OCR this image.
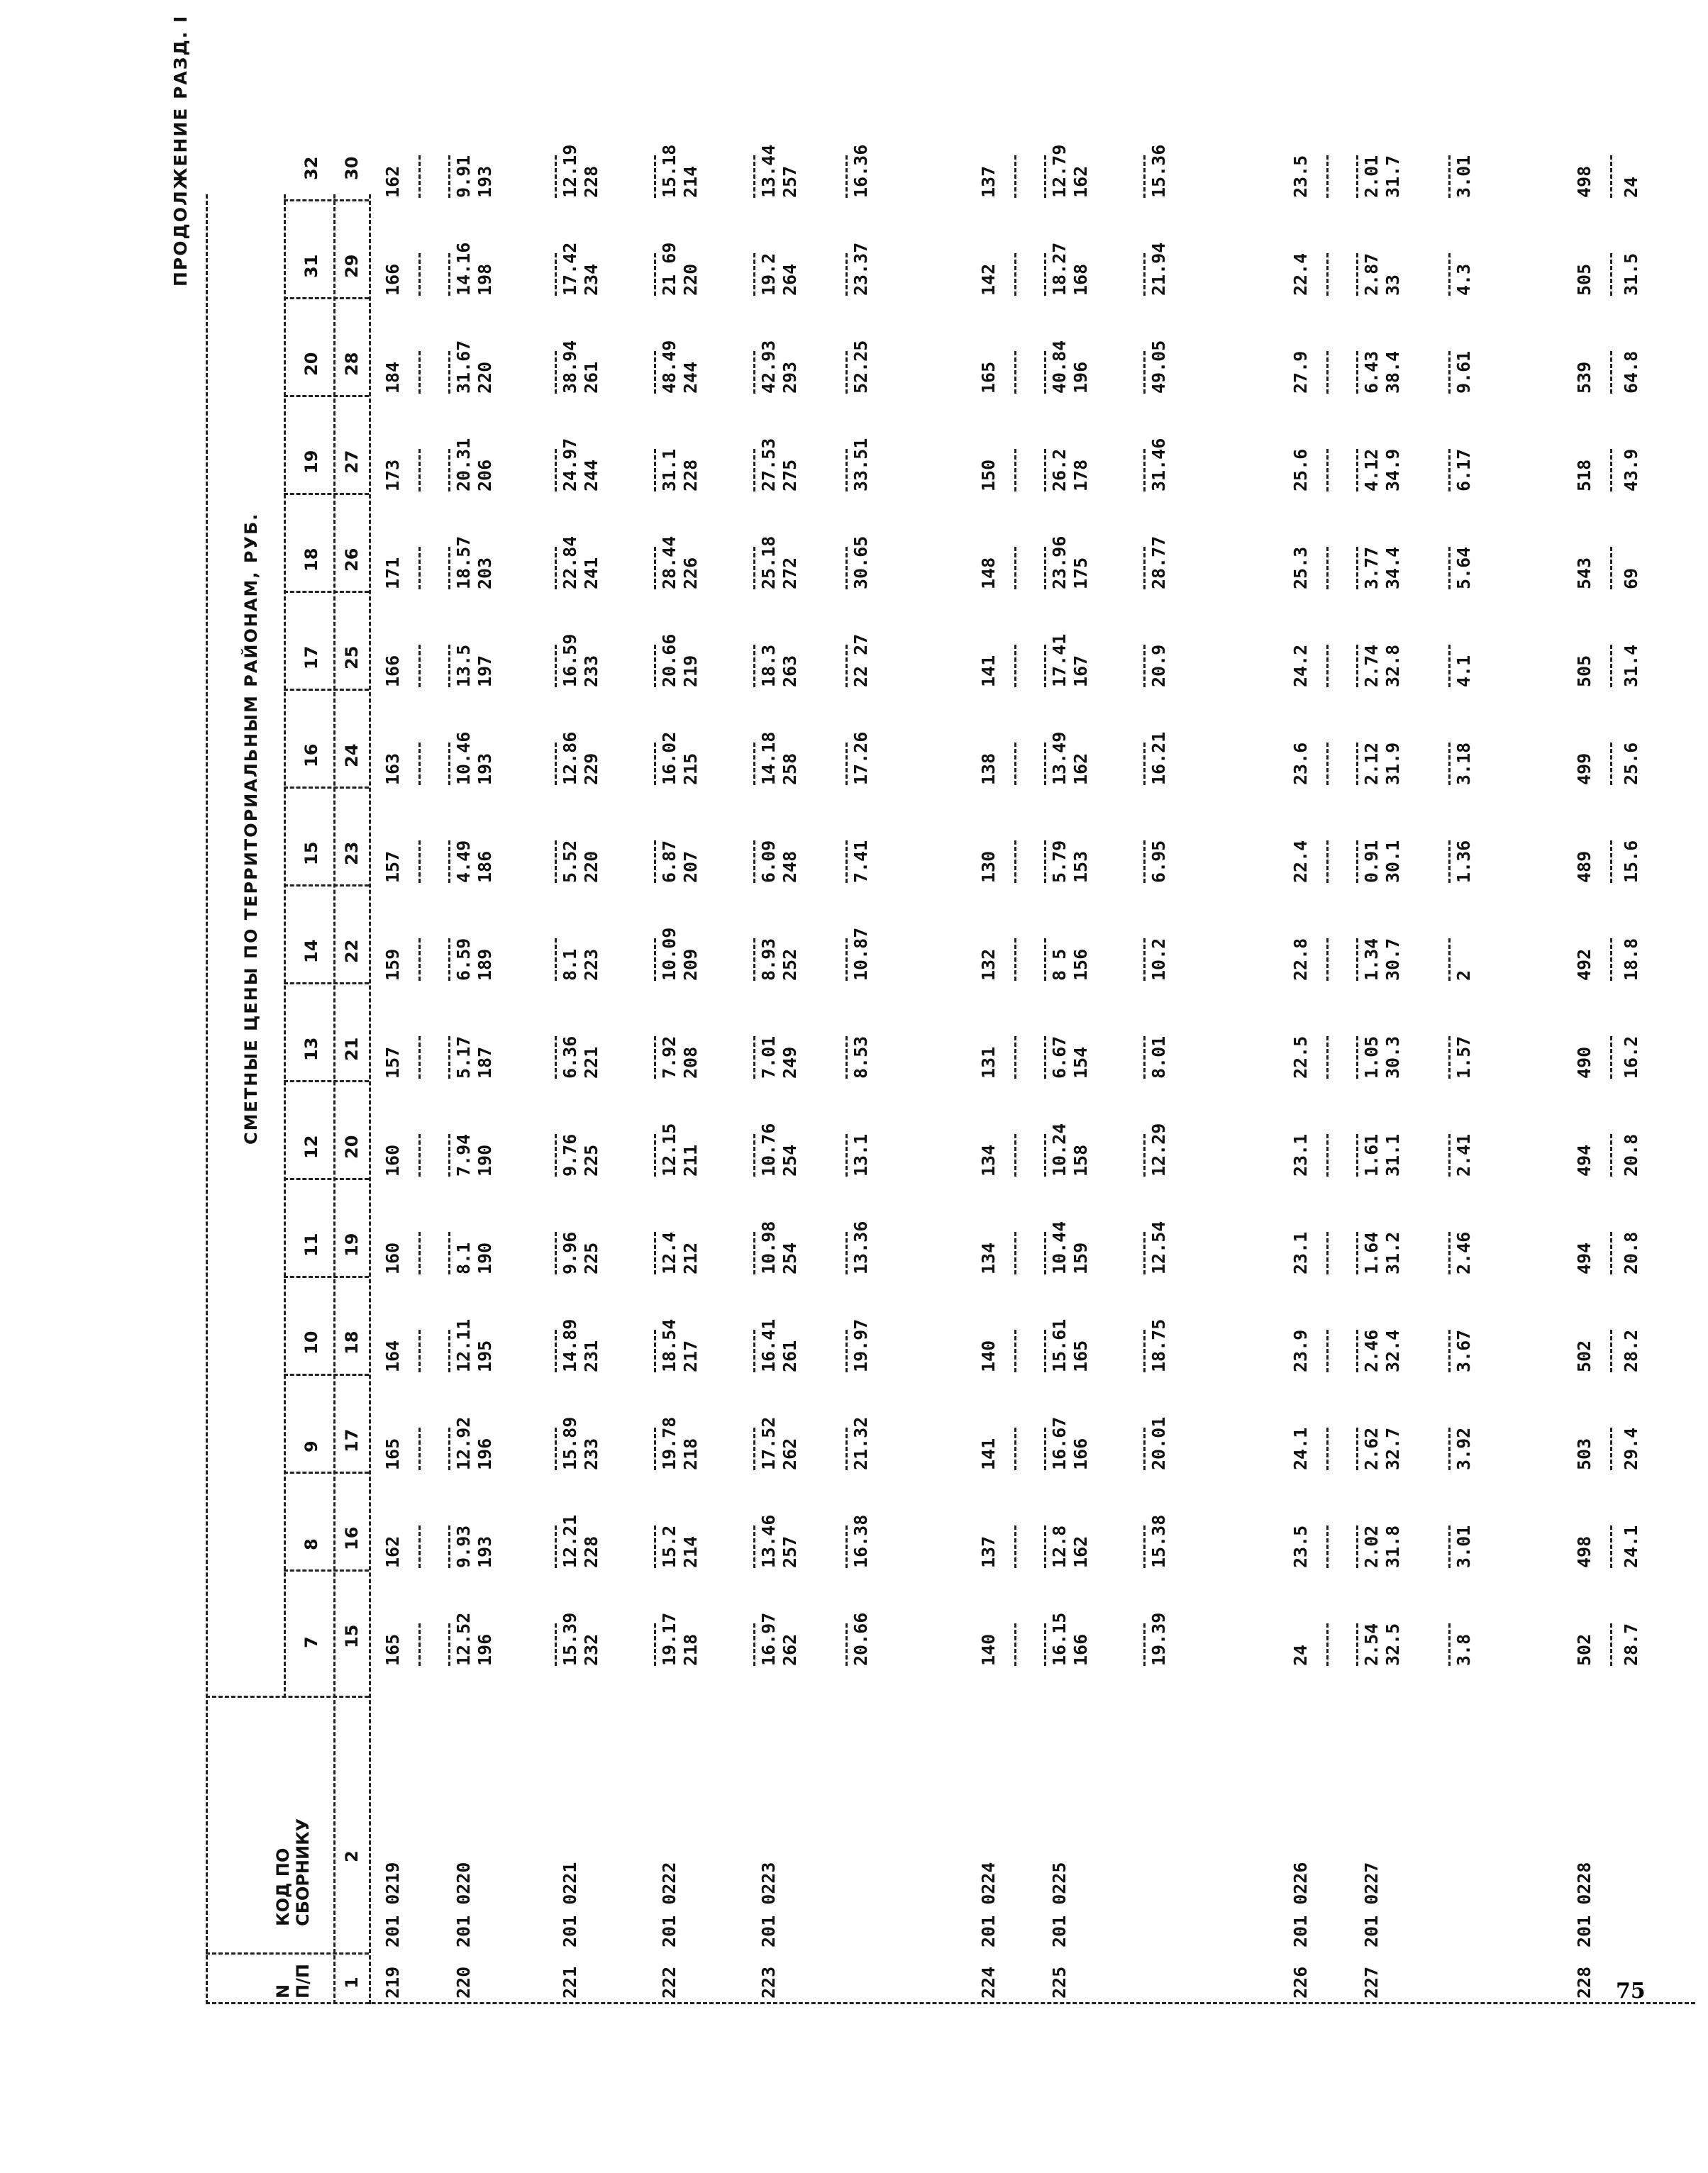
ПРОДОЛЖЕНИЕ РАЗД. I
СМЕТНЫЕ ЦЕНЫ ПО ТЕРРИТОРИАЛЬНЫМ РАЙОНАМ, РУБ.
N
П/П
КОД ПО
СБОРНИКУ
1
2
7
8
9
10
11
12
13
14
15
16
17
18
19
20
31
32
15
16
17
18
19
20
21
22
23
24
25
26
27
28
29
30
219
201 0219
165
162
165
164
160
160
157
159
157
163
166
171
173
184
166
162
220
201 0220
12.52 196
9.93 193
12.92 196
12.11 195
8.1 190
7.94 190
5.17 187
6.59 189
4.49 186
10.46 193
13.5 197
18.57 203
20.31 206
31.67 220
14.16 198
9.91 193
221
201 0221
15.39 232
12.21 228
15.89 233
14.89 231
9.96 225
9.76 225
6.36 221
8.1 223
5.52 220
12.86 229
16.59 233
22.84 241
24.97 244
38.94 261
17.42 234
12.19 228
222
201 0222
19.17 218
15.2 214
19.78 218
18.54 217
12.4 212
12.15 211
7.92 208
10.09 209
6.87 207
16.02 215
20.66 219
28.44 226
31.1 228
48.49 244
21 69 220
15.18 214
223
201 0223
16.97 262
13.46 257
17.52 262
16.41 261
10.98 254
10.76 254
7.01 249
8.93 252
6.09 248
14.18 258
18.3 263
25.18 272
27.53 275
42.93 293
19.2 264
13.44 257
20.66
16.38
21.32
19.97
13.36
13.1
8.53
10.87
7.41
17.26
22 27
30.65
33.51
52.25
23.37
16.36
224
201 0224
140
137
141
140
134
134
131
132
130
138
141
148
150
165
142
137
225
201 0225
16.15 166
12.8 162
16.67 166
15.61 165
10.44 159
10.24 158
6.67 154
8 5 156
5.79 153
13.49 162
17.41 167
23.96 175
26.2 178
40.84 196
18.27 168
12.79 162
19.39
15.38
20.01
18.75
12.54
12.29
8.01
10.2
6.95
16.21
20.9
28.77
31.46
49.05
21.94
15.36
226
201 0226
24
23.5
24.1
23.9
23.1
23.1
22.5
22.8
22.4
23.6
24.2
25.3
25.6
27.9
22.4
23.5
227
201 0227
2.54 32.5
2.02 31.8
2.62 32.7
2.46 32.4
1.64 31.2
1.61 31.1
1.05 30.3
1.34 30.7
0.91 30.1
2.12 31.9
2.74 32.8
3.77 34.4
4.12 34.9
6.43 38.4
2.87 33
2.01 31.7
3.8
3.01
3.92
3.67
2.46
2.41
1.57
2
1.36
3.18
4.1
5.64
6.17
9.61
4.3
3.01
228
201 0228
502 28.7
498 24.1
503 29.4
502 28.2
494 20.8
494 20.8
490 16.2
492 18.8
489 15.6
499 25.6
505 31.4
543 69
518 43.9
539 64.8
505 31.5
498 24
75
